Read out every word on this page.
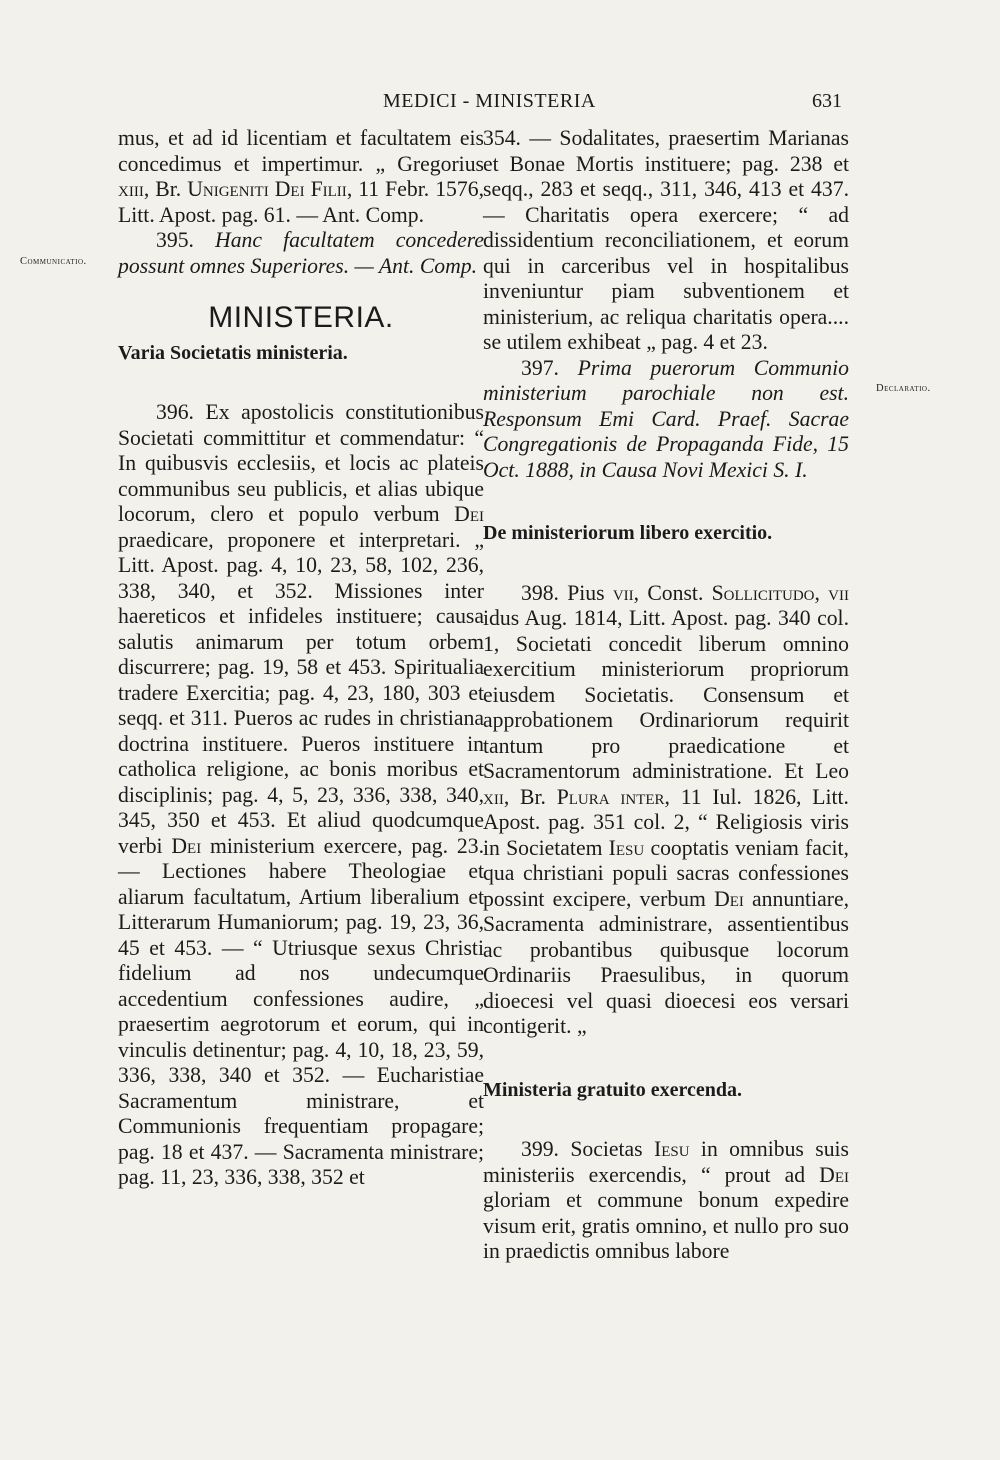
MEDICI - MINISTERIA	631
Communicatio.
Declaratio.

mus, et ad id licentiam et facultatem eis concedimus et impertimur. „ Gregorius xiii, Br. Unigeniti Dei Filii, 11 Febr. 1576, Litt. Apost. pag. 61. — Ant. Comp.

395. Hanc facultatem concedere possunt omnes Superiores. — Ant. Comp.

MINISTERIA.

Varia Societatis ministeria.

396. Ex apostolicis constitutionibus Societati committitur et commendatur: “ In quibusvis ecclesiis, et locis ac plateis communibus seu publicis, et alias ubique locorum, clero et populo verbum Dei praedicare, proponere et interpretari. „ Litt. Apost. pag. 4, 10, 23, 58, 102, 236, 338, 340, et 352. Missiones inter haereticos et infideles instituere; causa salutis animarum per totum orbem discurrere; pag. 19, 58 et 453. Spiritualia tradere Exercitia; pag. 4, 23, 180, 303 et seqq. et 311. Pueros ac rudes in christiana doctrina instituere. Pueros instituere in catholica religione, ac bonis moribus et disciplinis; pag. 4, 5, 23, 336, 338, 340, 345, 350 et 453. Et aliud quodcumque verbi Dei ministerium exercere, pag. 23. — Lectiones habere Theologiae et aliarum facultatum, Artium liberalium et Litterarum Humaniorum; pag. 19, 23, 36, 45 et 453. — “ Utriusque sexus Christi fidelium ad nos undecumque accedentium confessiones audire, „ praesertim aegrotorum et eorum, qui in vinculis detinentur; pag. 4, 10, 18, 23, 59, 336, 338, 340 et 352. — Eucharistiae Sacramentum ministrare, et Communionis frequentiam propagare; pag. 18 et 437. — Sacramenta ministrare; pag. 11, 23, 336, 338, 352 et

354. — Sodalitates, praesertim Marianas et Bonae Mortis instituere; pag. 238 et seqq., 283 et seqq., 311, 346, 413 et 437. — Charitatis opera exercere; “ ad dissidentium reconciliationem, et eorum qui in carceribus vel in hospitalibus inveniuntur piam subventionem et ministerium, ac reliqua charitatis opera.... se utilem exhibeat „ pag. 4 et 23.

397. Prima puerorum Communio ministerium parochiale non est. Responsum Emi Card. Praef. Sacrae Congregationis de Propaganda Fide, 15 Oct. 1888, in Causa Novi Mexici S. I.

De ministeriorum libero exercitio.

398. Pius vii, Const. Sollicitudo, vii idus Aug. 1814, Litt. Apost. pag. 340 col. 1, Societati concedit liberum omnino exercitium ministeriorum propriorum eiusdem Societatis. Consensum et approbationem Ordinariorum requirit tantum pro praedicatione et Sacramentorum administratione. Et Leo xii, Br. Plura inter, 11 Iul. 1826, Litt. Apost. pag. 351 col. 2, “ Religiosis viris in Societatem Iesu cooptatis veniam facit, qua christiani populi sacras confessiones possint excipere, verbum Dei annuntiare, Sacramenta administrare, assentientibus ac probantibus quibusque locorum Ordinariis Praesulibus, in quorum dioecesi vel quasi dioecesi eos versari contigerit. „

Ministeria gratuito exercenda.

399. Societas Iesu in omnibus suis ministeriis exercendis, “ prout ad Dei gloriam et commune bonum expedire visum erit, gratis omnino, et nullo pro suo in praedictis omnibus labore
